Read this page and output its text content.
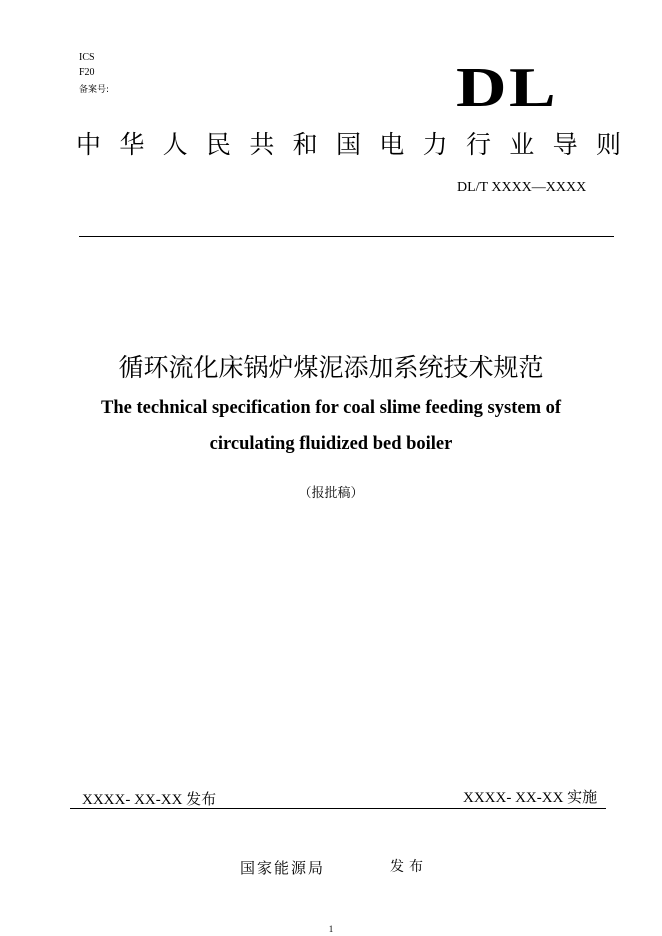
ICS
F20
备案号:	DL
中 华 人 民 共 和 国 电 力 行 业 导 则
DL/T XXXX—XXXX
循环流化床锅炉煤泥添加系统技术规范
The technical specification for coal slime feeding system of
circulating fluidized bed boiler
（报批稿）
XXXX- XX-XX 发布	XXXX- XX-XX 实施
国家能源局	发布
1
